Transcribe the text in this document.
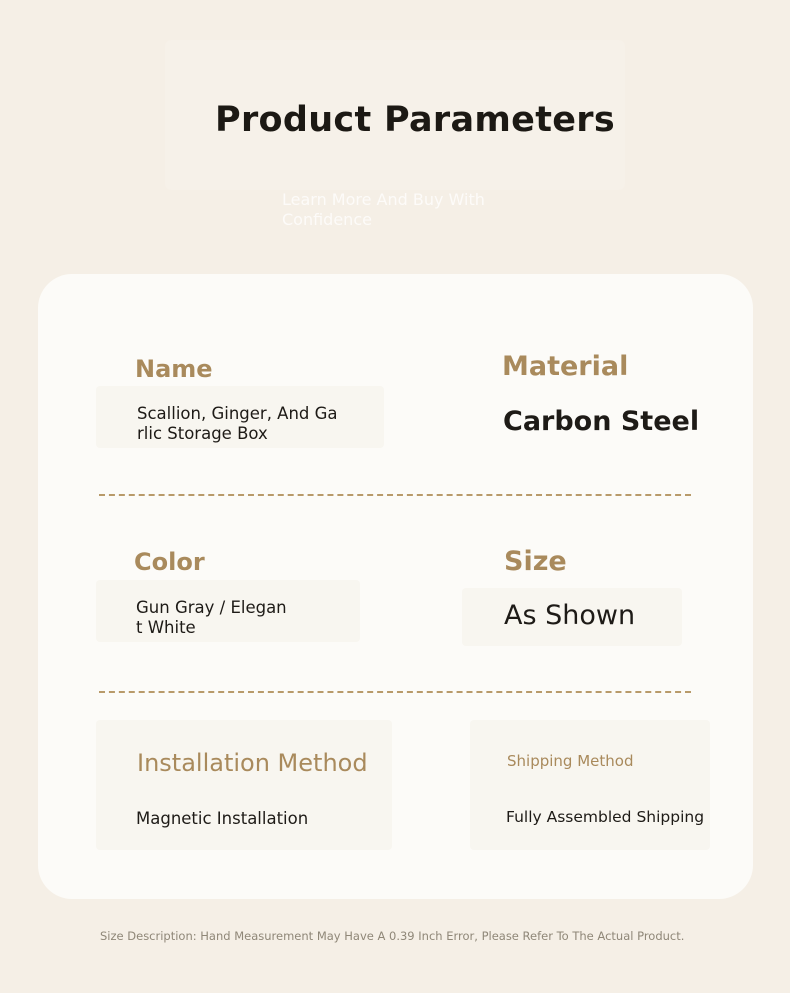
Product Parameters
Learn More And Buy With Confidence
Name
Scallion, Ginger, And Ga
rlic Storage Box
Material
Carbon Steel
Color
Gun Gray / Elegan
t White
Size
As Shown
Installation Method
Magnetic Installation
Shipping Method
Fully Assembled Shipping
Size Description: Hand Measurement May Have A 0.39 Inch Error, Please Refer To The Actual Product.
